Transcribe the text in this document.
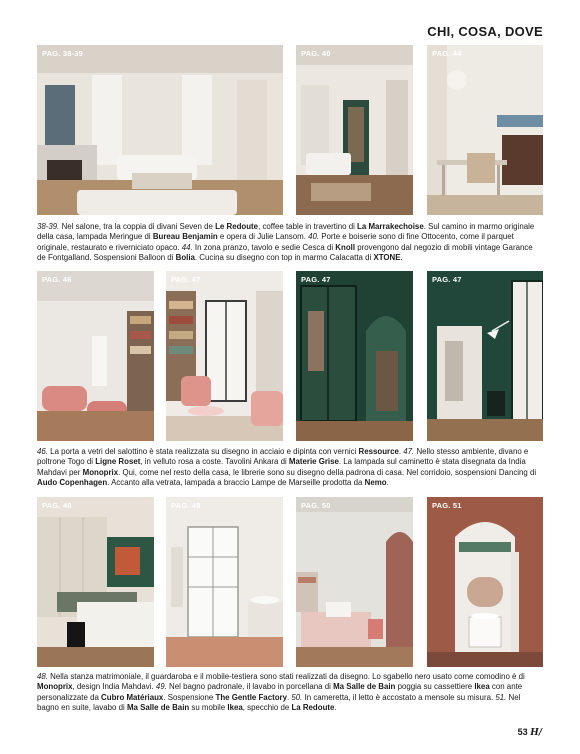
CHI, COSA, DOVE
PAG. 38-39	PAG. 40	PAG. 44
38-39. Nel salone, tra la coppia di divani Seven de Le Redoute, coffee table in travertino di La Marrakechoise. Sul camino in marmo originale della casa, lampada Meringue di Bureau Benjamin e opera di Julie Lansom. 40. Porte e boiserie sono di fine Ottocento, come il parquet originale, restaurato e riverniciato opaco. 44. In zona pranzo, tavolo e sedie Cesca di Knoll provengono dal negozio di mobili vintage Garance de Fontgalland. Sospensioni Balloon di Bolia. Cucina su disegno con top in marmo Calacatta di XTONE.
PAG. 46	PAG. 47	PAG. 47	PAG. 47
46. La porta a vetri del salottino è stata realizzata su disegno in acciaio e dipinta con vernici Ressource. 47. Nello stesso ambiente, divano e poltrone Togo di Ligne Roset, in velluto rosa a coste. Tavolini Ankara di Materie Grise. La lampada sul caminetto è stata disegnata da India Mahdavi per Monoprix. Qui, come nel resto della casa, le librerie sono su disegno della padrona di casa. Nel corridoio, sospensioni Dancing di Audo Copenhagen. Accanto alla vetrata, lampada a braccio Lampe de Marseille prodotta da Nemo.
PAG. 48	PAG. 49	PAG. 50	PAG. 51
48. Nella stanza matrimoniale, il guardaroba e il mobile-testiera sono stati realizzati da disegno. Lo sgabello nero usato come comodino è di Monoprix, design India Mahdavi. 49. Nel bagno padronale, il lavabo in porcellana di Ma Salle de Bain poggia su cassettiere Ikea con ante personalizzate da Cubro Matériaux. Sospensione The Gentle Factory. 50. In cameretta, il letto è accostato a mensole su misura. 51. Nel bagno en suite, lavabo di Ma Salle de Bain su mobile Ikea, specchio de La Redoute.
53 H/
